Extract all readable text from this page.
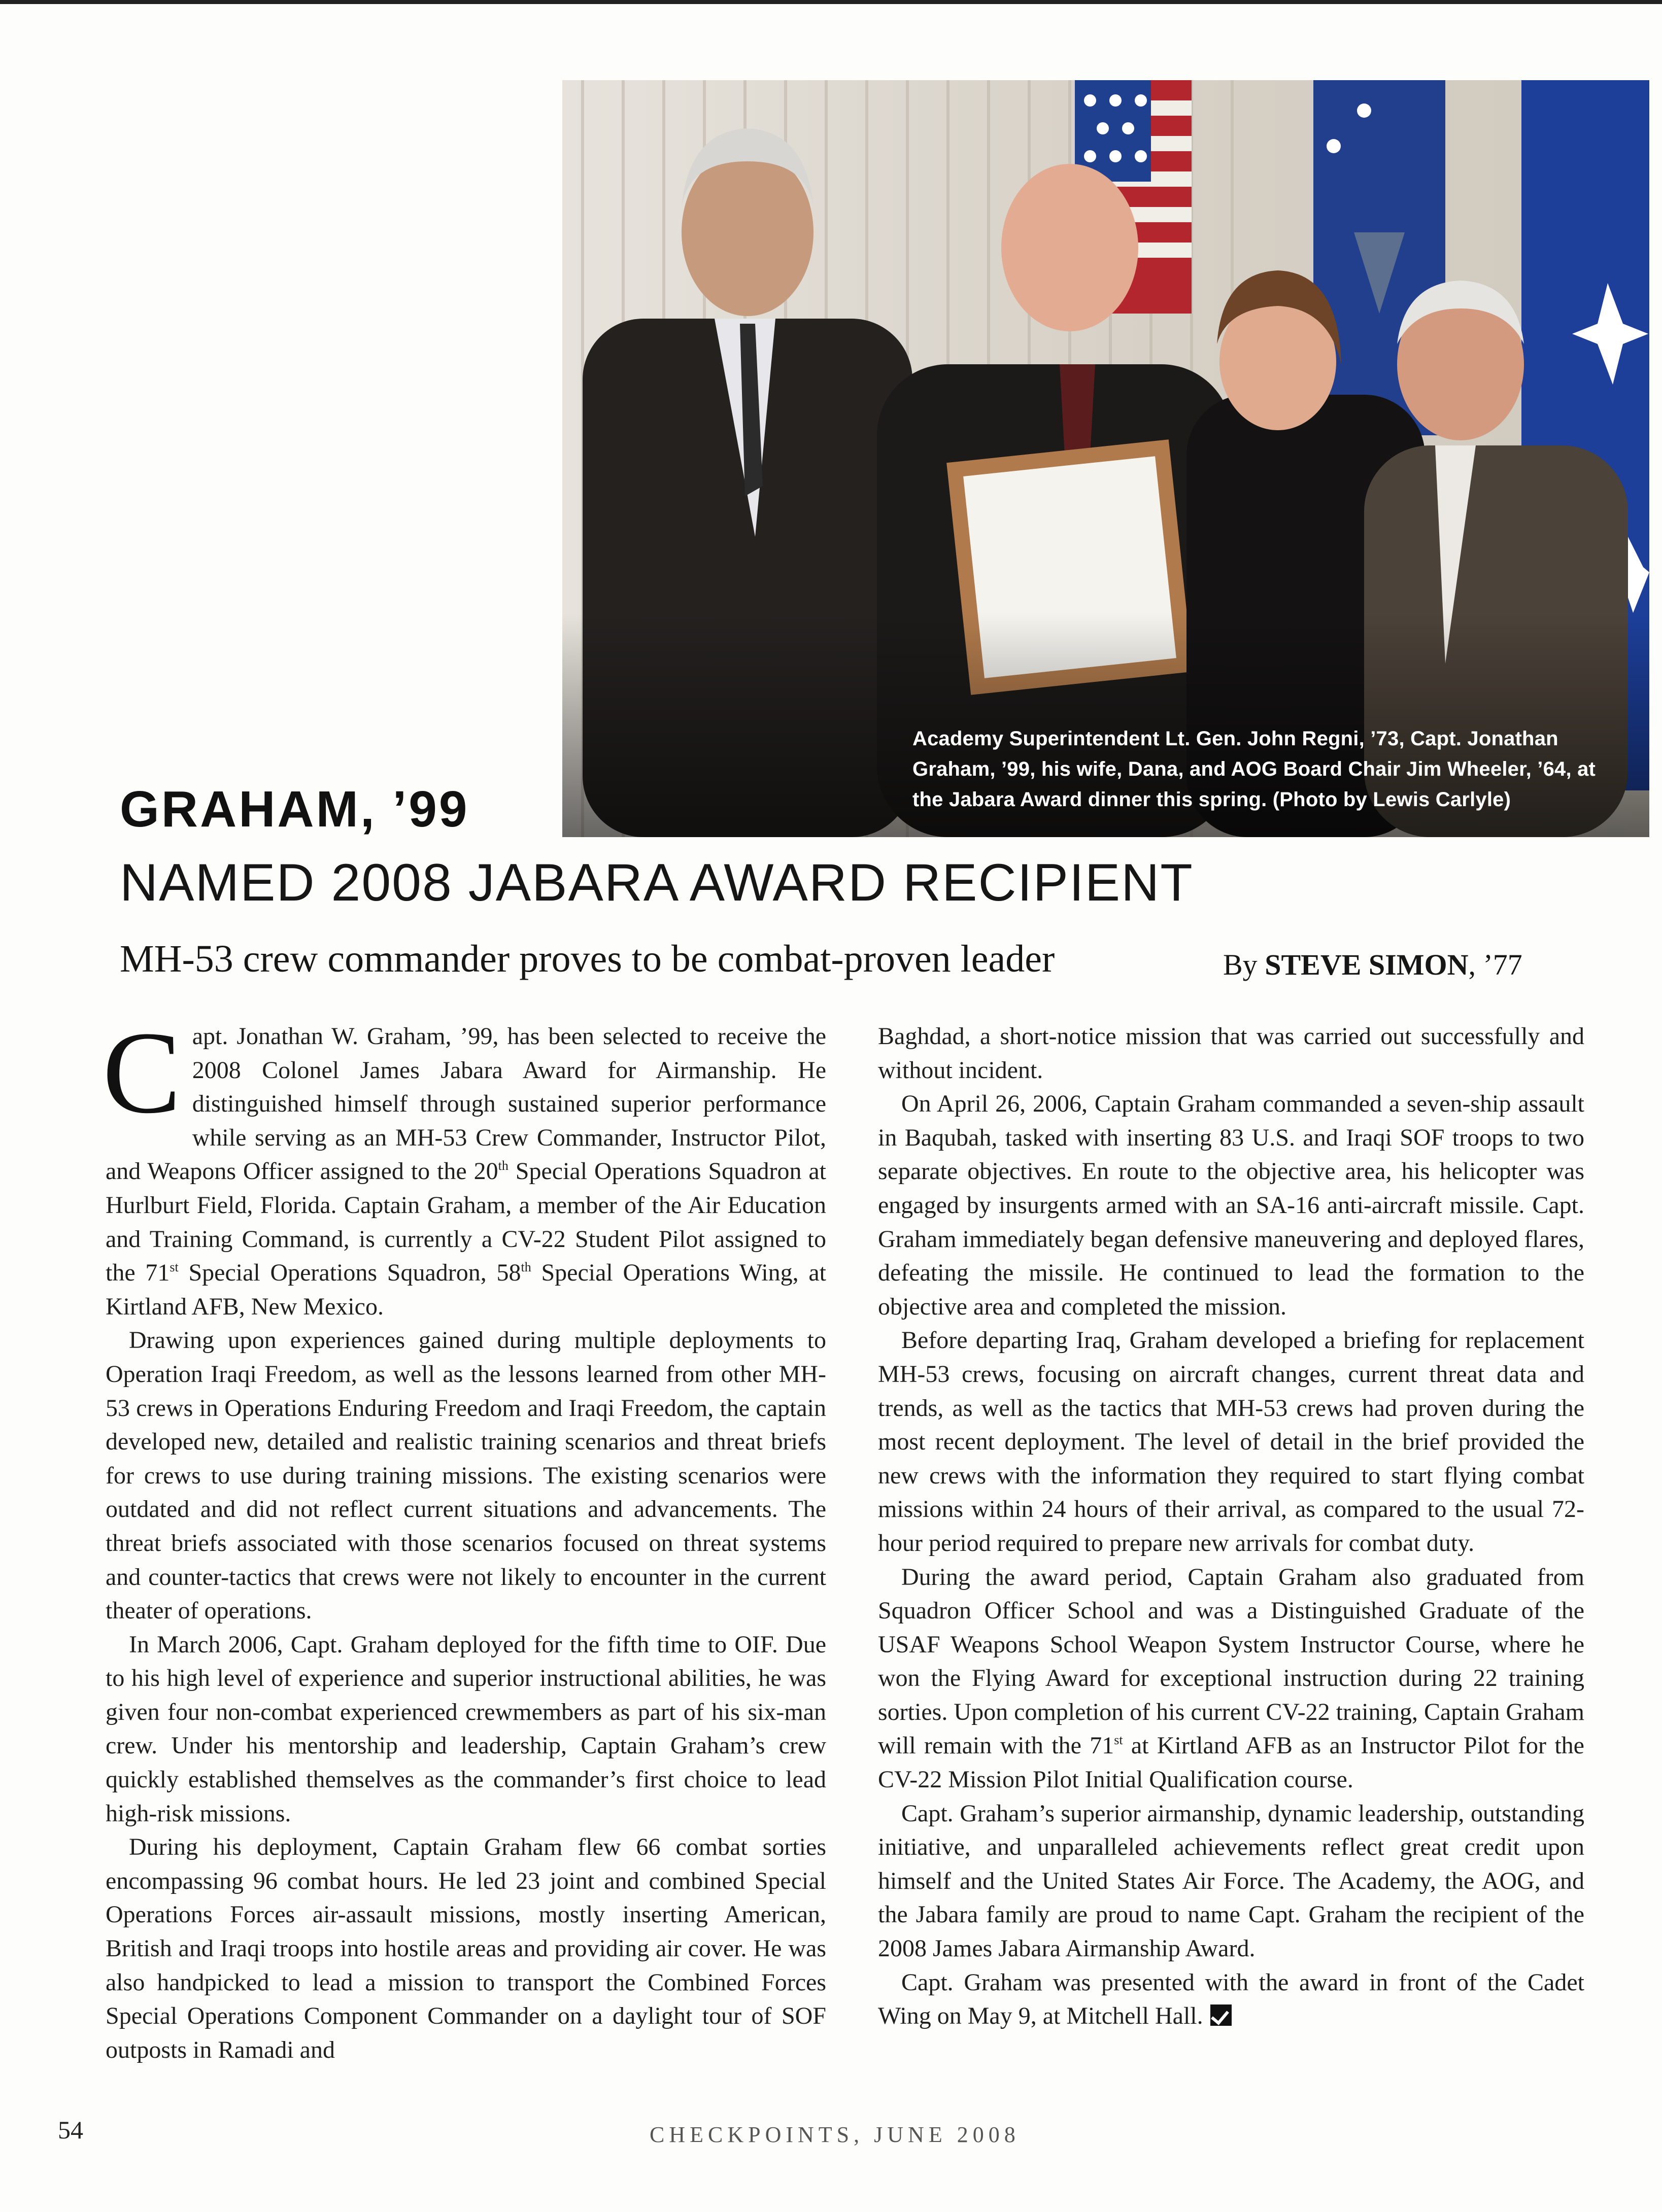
Academy Superintendent Lt. Gen. John Regni, ’73, Capt. Jonathan Graham, ’99, his wife, Dana, and AOG Board Chair Jim Wheeler, ’64, at the Jabara Award dinner this spring. (Photo by Lewis Carlyle)
GRAHAM, ’99
NAMED 2008 JABARA AWARD RECIPIENT
MH-53 crew commander proves to be combat-proven leader	By STEVE SIMON, ’77

Capt. Jonathan W. Graham, ’99, has been selected to receive the 2008 Colonel James Jabara Award for Airmanship. He distinguished himself through sustained superior performance while serving as an MH-53 Crew Commander, Instructor Pilot, and Weapons Officer assigned to the 20th Special Operations Squadron at Hurlburt Field, Florida. Captain Graham, a member of the Air Education and Training Command, is currently a CV-22 Student Pilot assigned to the 71st Special Operations Squadron, 58th Special Operations Wing, at Kirtland AFB, New Mexico.

Drawing upon experiences gained during multiple deployments to Operation Iraqi Freedom, as well as the lessons learned from other MH-53 crews in Operations Enduring Freedom and Iraqi Freedom, the captain developed new, detailed and realistic training scenarios and threat briefs for crews to use during training missions. The existing scenarios were outdated and did not reflect current situations and advancements. The threat briefs associated with those scenarios focused on threat systems and counter-tactics that crews were not likely to encounter in the current theater of operations.

In March 2006, Capt. Graham deployed for the fifth time to OIF. Due to his high level of experience and superior instructional abilities, he was given four non-combat experienced crewmembers as part of his six-man crew. Under his mentorship and leadership, Captain Graham’s crew quickly established themselves as the commander’s first choice to lead high-risk missions.

During his deployment, Captain Graham flew 66 combat sorties encompassing 96 combat hours. He led 23 joint and combined Special Operations Forces air-assault missions, mostly inserting American, British and Iraqi troops into hostile areas and providing air cover. He was also handpicked to lead a mission to transport the Combined Forces Special Operations Component Commander on a daylight tour of SOF outposts in Ramadi and

Baghdad, a short-notice mission that was carried out successfully and without incident.

On April 26, 2006, Captain Graham commanded a seven-ship assault in Baqubah, tasked with inserting 83 U.S. and Iraqi SOF troops to two separate objectives. En route to the objective area, his helicopter was engaged by insurgents armed with an SA-16 anti-aircraft missile. Capt. Graham immediately began defensive maneuvering and deployed flares, defeating the missile. He continued to lead the formation to the objective area and completed the mission.

Before departing Iraq, Graham developed a briefing for replacement MH-53 crews, focusing on aircraft changes, current threat data and trends, as well as the tactics that MH-53 crews had proven during the most recent deployment. The level of detail in the brief provided the new crews with the information they required to start flying combat missions within 24 hours of their arrival, as compared to the usual 72-hour period required to prepare new arrivals for combat duty.

During the award period, Captain Graham also graduated from Squadron Officer School and was a Distinguished Graduate of the USAF Weapons School Weapon System Instructor Course, where he won the Flying Award for exceptional instruction during 22 training sorties. Upon completion of his current CV-22 training, Captain Graham will remain with the 71st at Kirtland AFB as an Instructor Pilot for the CV-22 Mission Pilot Initial Qualification course.

Capt. Graham’s superior airmanship, dynamic leadership, outstanding initiative, and unparalleled achievements reflect great credit upon himself and the United States Air Force. The Academy, the AOG, and the Jabara family are proud to name Capt. Graham the recipient of the 2008 James Jabara Airmanship Award.

Capt. Graham was presented with the award in front of the Cadet Wing on May 9, at Mitchell Hall.

54	CHECKPOINTS, JUNE 2008
